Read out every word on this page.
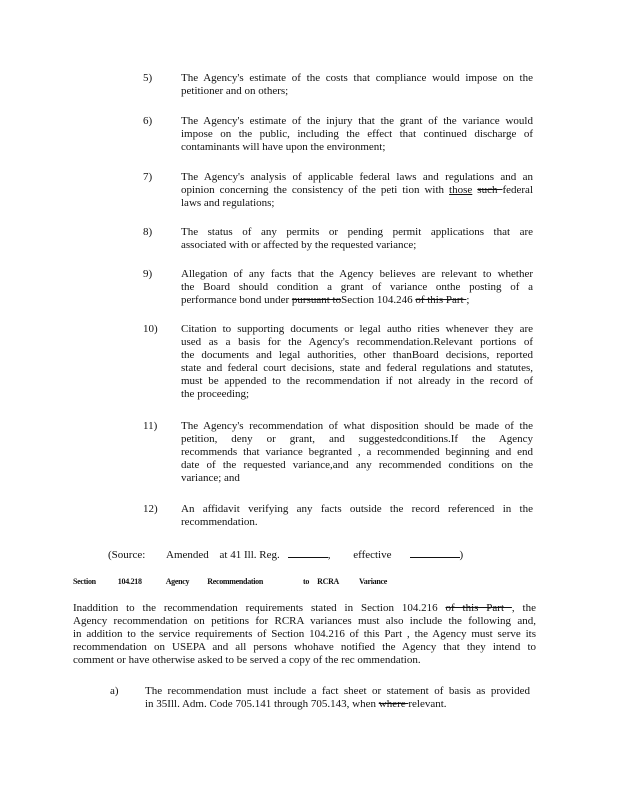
5)	The Agency's estimate of the costs that compliance would impose on the
petitioner and on others;
6)	The Agency's estimate of the injury that the grant of the variance would
impose on the public, including the effect that continued discharge of
contaminants will have upon the environment;
7)	The Agency's analysis of applicable federal laws and regulations and an
opinion concerning the consistency of the peti tion with those such federal
laws and regulations;
8)	The status of any permits or pending permit applications that are
associated with or affected by the requested variance;
9)	Allegation of any facts that the Agency believes are relevant to whether
the Board should condition a grant of variance onthe posting of a
performance bond under pursuant toSection 104.246 of this Part ;
10)	Citation to supporting documents or legal autho rities whenever they are
used as a basis for the Agency's recommendation.Relevant portions of
the documents and legal authorities, other thanBoard decisions, reported
state and federal court decisions, state and federal regulations and statutes,
must be appended to the recommendation if not already in the record of
the proceeding;
11)	The Agency's recommendation of what disposition should be made of the
petition, deny or grant, and suggestedconditions.If the Agency
recommends that variance begranted , a recommended beginning and end
date of the requested variance,and any recommended conditions on the
variance; and
12)	An affidavit verifying any facts outside the record referenced in the
recommendation.
(Source: Amended at 41 Ill. Reg.	, effective	)
Section	104.218	Agency Recommendation	to RCRA	Variance
Inaddition to the recommendation requirements stated in Section 104.216 of this Part , the
Agency recommendation on petitions for RCRA variances must also include the following and,
in addition to the service requirements of Section 104.216 of this Part , the Agency must serve its
recommendation on USEPA and all persons whohave notified the Agency that they intend to
comment or have otherwise asked to be served a copy of the rec ommendation.
a)	The recommendation must include a fact sheet or statement of basis as provided
in 35Ill. Adm. Code 705.141 through 705.143, when where relevant.
